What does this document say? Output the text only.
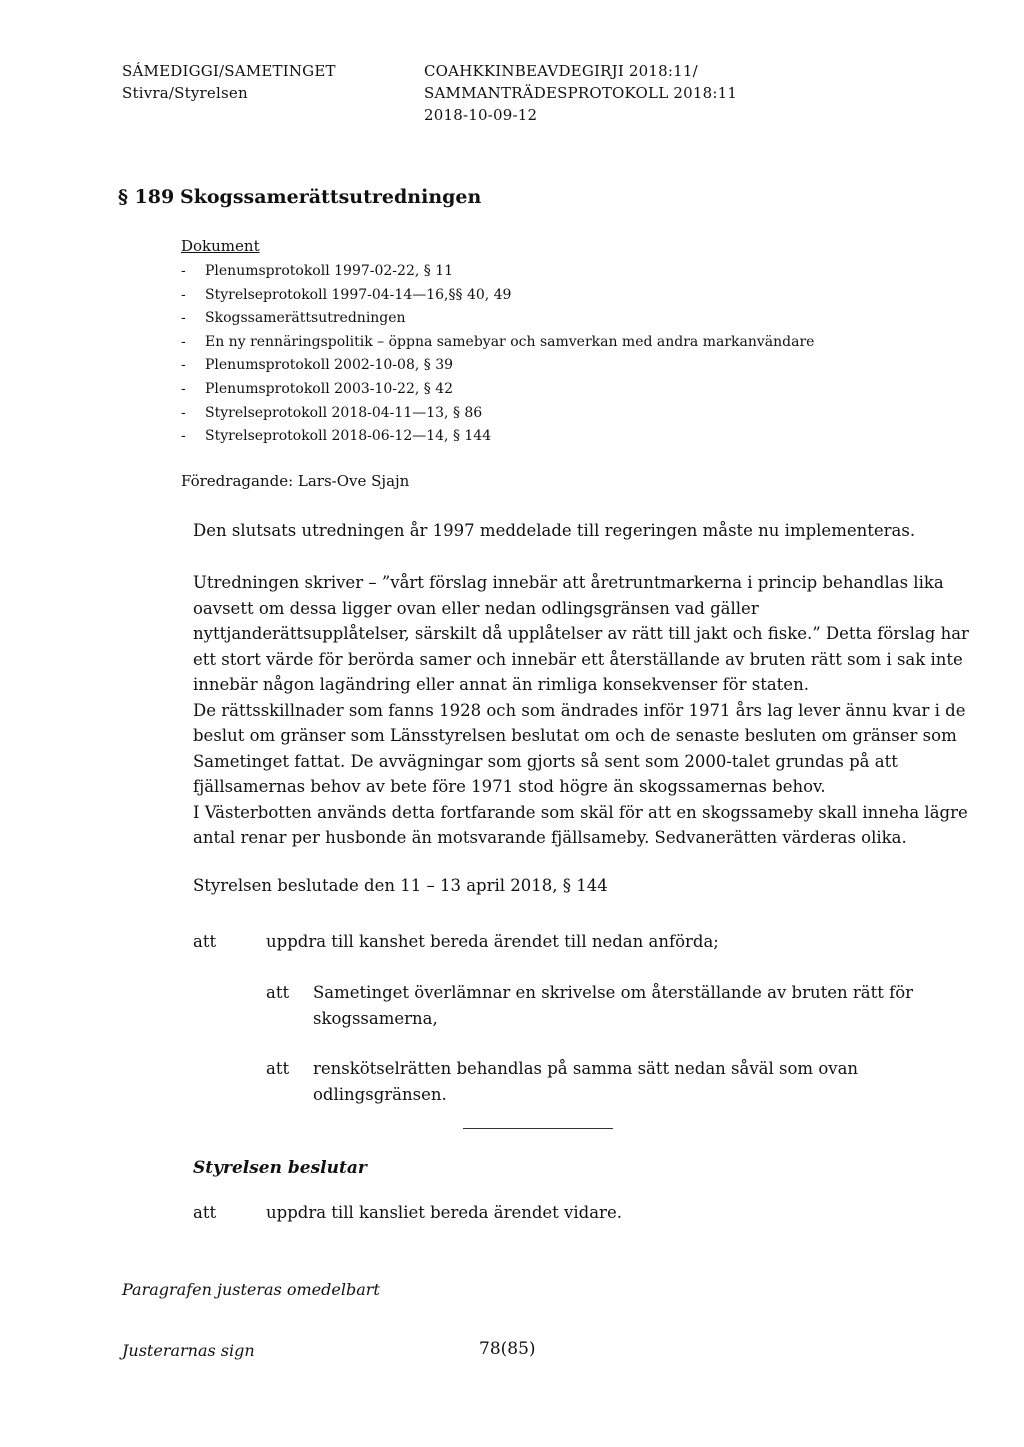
SÁMEDIGGI/SAMETINGET
Stivra/Styrelsen
COAHKKINBEAVDEGIRJI 2018:11/
SAMMANTRÄDESPROTOKOLL 2018:11
2018-10-09-12
§ 189 Skogssamerättsutredningen
Dokument
- Plenumsprotokoll 1997-02-22, § 11
- Styrelseprotokoll 1997-04-14—16,§§ 40, 49
- Skogssamerättsutredningen
- En ny rennäringspolitik – öppna samebyar och samverkan med andra markanvändare
- Plenumsprotokoll 2002-10-08, § 39
- Plenumsprotokoll 2003-10-22, § 42
- Styrelseprotokoll 2018-04-11—13, § 86
- Styrelseprotokoll 2018-06-12—14, § 144
Föredragande: Lars-Ove Sjajn
Den slutsats utredningen år 1997 meddelade till regeringen måste nu implementeras.

Utredningen skriver – ”vårt förslag innebär att åretruntmarkerna i princip behandlas lika oavsett om dessa ligger ovan eller nedan odlingsgränsen vad gäller nyttjanderättsupplåtelser, särskilt då upplåtelser av rätt till jakt och fiske.” Detta förslag har ett stort värde för berörda samer och innebär ett återställande av bruten rätt som i sak inte innebär någon lagändring eller annat än rimliga konsekvenser för staten.

De rättsskillnader som fanns 1928 och som ändrades inför 1971 års lag lever ännu kvar i de beslut om gränser som Länsstyrelsen beslutat om och de senaste besluten om gränser som Sametinget fattat. De avvägningar som gjorts så sent som 2000-talet grundas på att fjällsamernas behov av bete före 1971 stod högre än skogssamernas behov.

I Västerbotten används detta fortfarande som skäl för att en skogssameby skall inneha lägre antal renar per husbonde än motsvarande fjällsameby. Sedvanerätten värderas olika.

Styrelsen beslutade den 11 – 13 april 2018, § 144
att	uppdra till kanshet bereda ärendet till nedan anförda;
att Sametinget överlämnar en skrivelse om återställande av bruten rätt för skogssamerna,
att renskötselrätten behandlas på samma sätt nedan såväl som ovan odlingsgränsen.
Styrelsen beslutar
att	uppdra till kansliet bereda ärendet vidare.
Paragrafen justeras omedelbart
Justerarnas sign	78(85)
